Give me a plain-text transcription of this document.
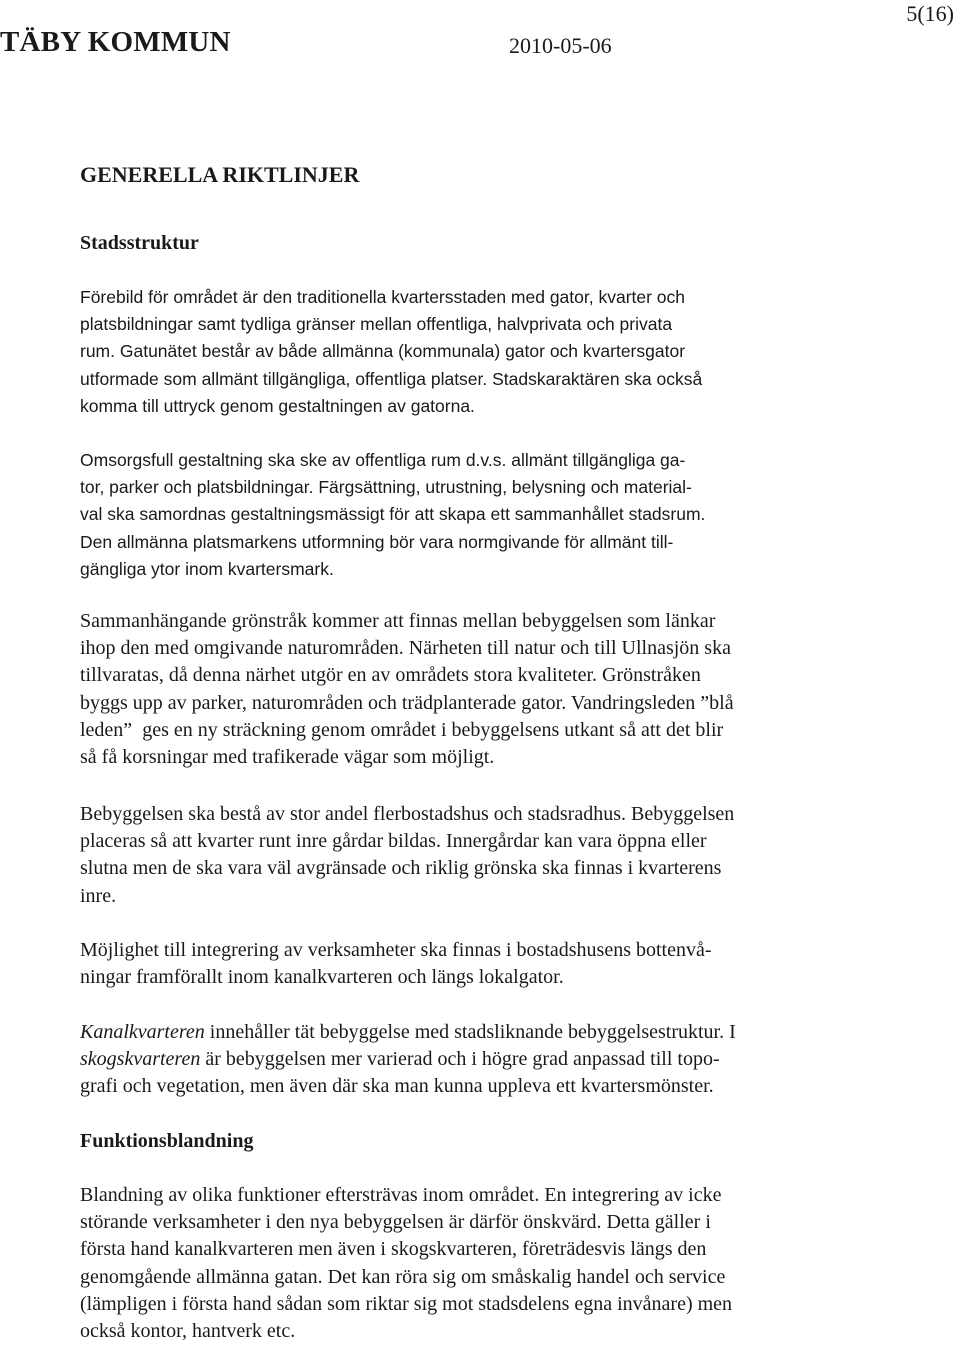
TÄBY KOMMUN	2010-05-06
5(16)
GENERELLA RIKTLINJER
Stadsstruktur
Förebild för området är den traditionella kvartersstaden med gator, kvarter och
platsbildningar samt tydliga gränser mellan offentliga, halvprivata och privata
rum. Gatunätet består av både allmänna (kommunala) gator och kvartersgator
utformade som allmänt tillgängliga, offentliga platser. Stadskaraktären ska också
komma till uttryck genom gestaltningen av gatorna.
Omsorgsfull gestaltning ska ske av offentliga rum d.v.s. allmänt tillgängliga ga-
tor, parker och platsbildningar. Färgsättning, utrustning, belysning och material-
val ska samordnas gestaltningsmässigt för att skapa ett sammanhållet stadsrum.
Den allmänna platsmarkens utformning bör vara normgivande för allmänt till-
gängliga ytor inom kvartersmark.
Sammanhängande grönstråk kommer att finnas mellan bebyggelsen som länkar
ihop den med omgivande naturområden. Närheten till natur och till Ullnasjön ska
tillvaratas, då denna närhet utgör en av områdets stora kvaliteter. Grönstråken
byggs upp av parker, naturområden och trädplanterade gator. Vandringsleden ”blå
leden”  ges en ny sträckning genom området i bebyggelsens utkant så att det blir
så få korsningar med trafikerade vägar som möjligt.
Bebyggelsen ska bestå av stor andel flerbostadshus och stadsradhus. Bebyggelsen
placeras så att kvarter runt inre gårdar bildas. Innergårdar kan vara öppna eller
slutna men de ska vara väl avgränsade och riklig grönska ska finnas i kvarterens
inre.
Möjlighet till integrering av verksamheter ska finnas i bostadshusens bottenvå-
ningar framförallt inom kanalkvarteren och längs lokalgator.
Kanalkvarteren innehåller tät bebyggelse med stadsliknande bebyggelsestruktur. I
skogskvarteren är bebyggelsen mer varierad och i högre grad anpassad till topo-
grafi och vegetation, men även där ska man kunna uppleva ett kvartersmönster.
Funktionsblandning
Blandning av olika funktioner eftersträvas inom området. En integrering av icke
störande verksamheter i den nya bebyggelsen är därför önskvärd. Detta gäller i
första hand kanalkvarteren men även i skogskvarteren, företrädesvis längs den
genomgående allmänna gatan. Det kan röra sig om småskalig handel och service
(lämpligen i första hand sådan som riktar sig mot stadsdelens egna invånare) men
också kontor, hantverk etc.
